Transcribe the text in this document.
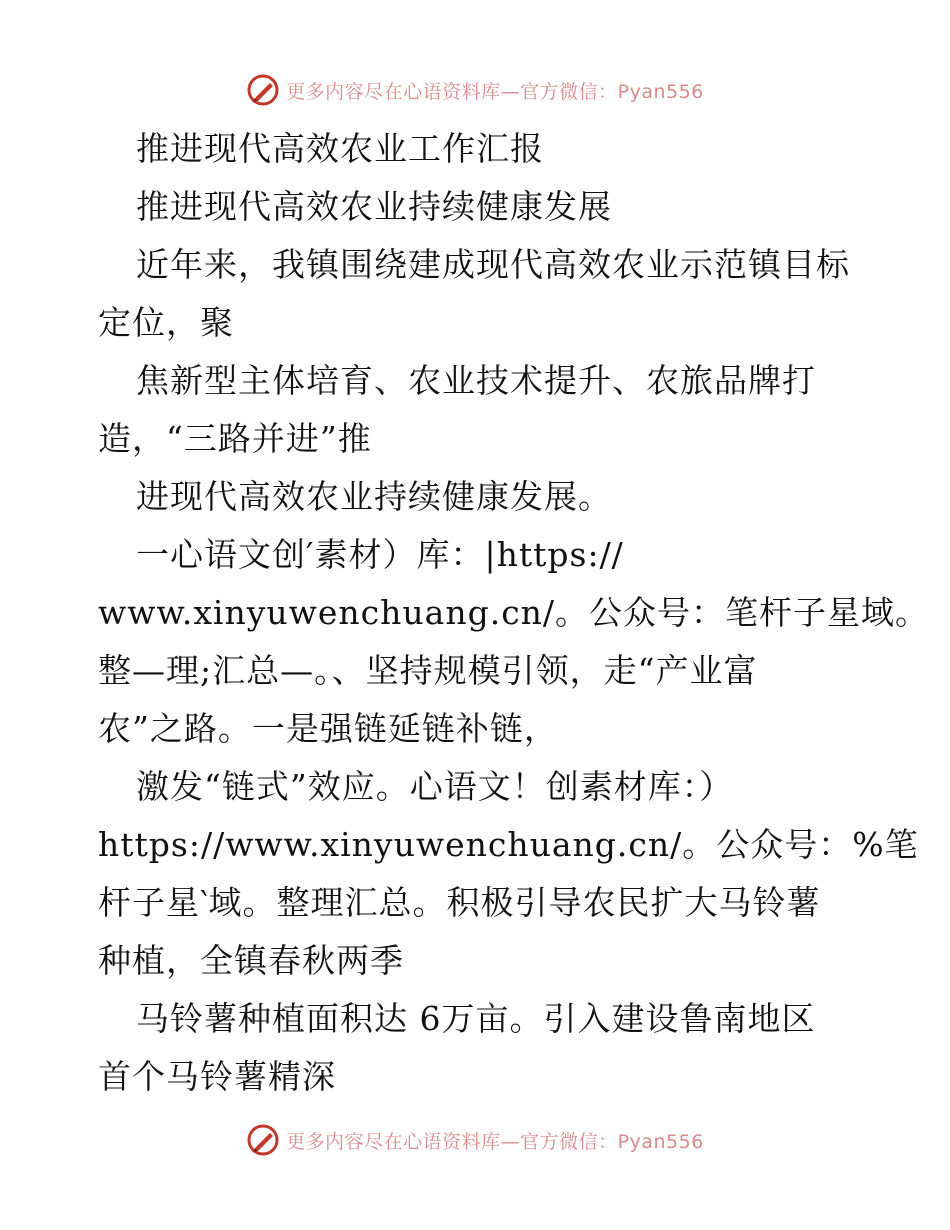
更多内容尽在心语资料库—官方微信：Pyan556
推进现代高效农业工作汇报
推进现代高效农业持续健康发展
近年来，我镇围绕建成现代高效农业示范镇目标
定位，聚
焦新型主体培育、农业技术提升、农旅品牌打
造，“三路并进”推
进现代高效农业持续健康发展。
一心语文创′素材）库：|https://
www.xinyuwenchuang.cn/。公众号：笔杆子星域。
整—理;汇总—。、坚持规模引领，走“产业富
农”之路。一是强链延链补链，
激发“链式”效应。心语文！创素材库：）
https://www.xinyuwenchuang.cn/。公众号：%笔
杆子星‵域。整理汇总。积极引导农民扩大马铃薯
种植，全镇春秋两季
马铃薯种植面积达 6万亩。引入建设鲁南地区
首个马铃薯精深
更多内容尽在心语资料库—官方微信：Pyan556
